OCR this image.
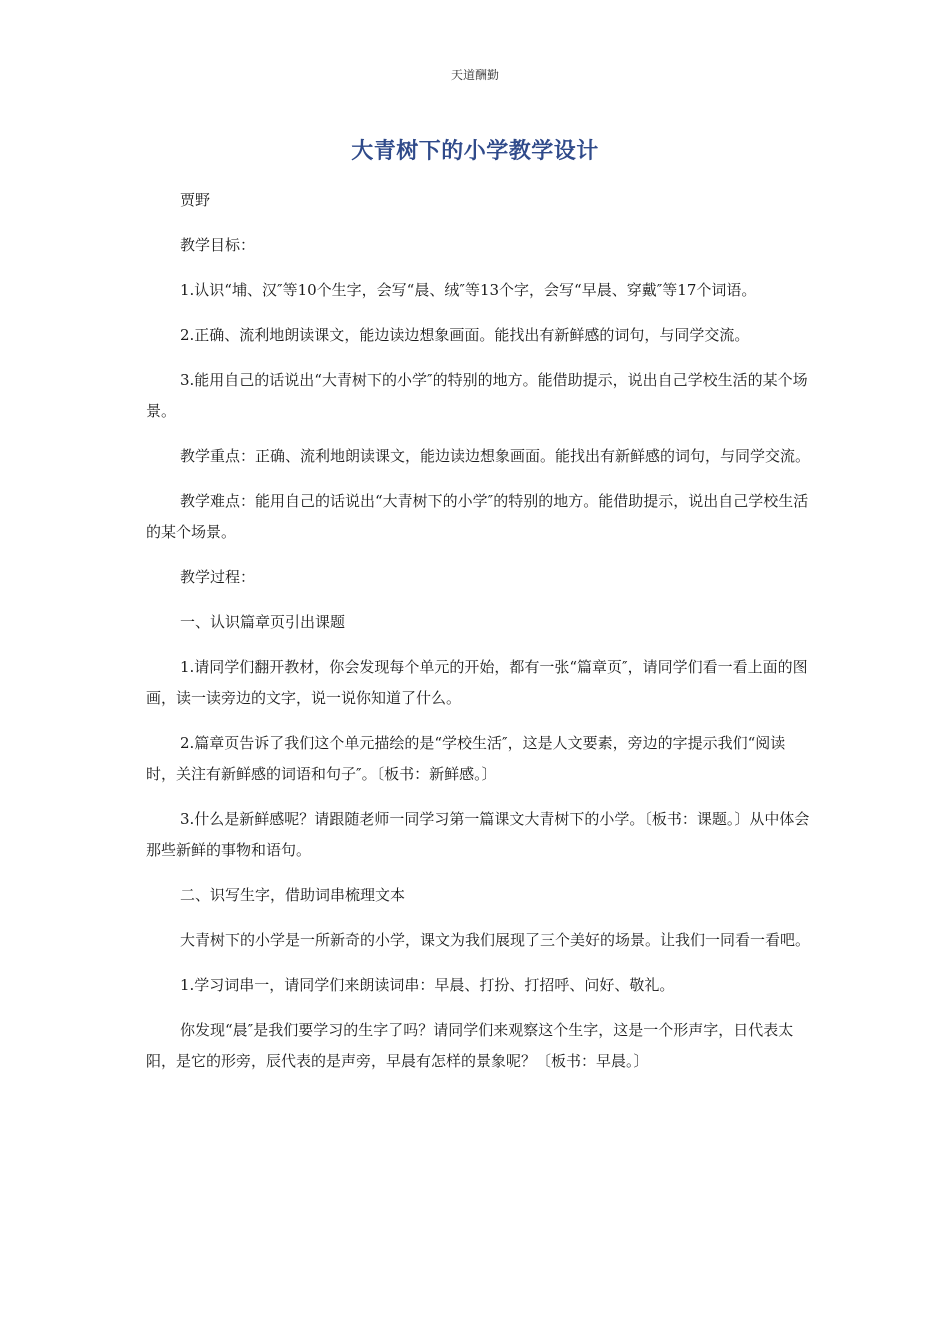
天道酬勤
大青树下的小学教学设计

贾野

教学目标：

1.认识“埔、汉″等10个生字，会写“晨、绒″等13个字，会写“早晨、穿戴″等17个词语。

2.正确、流利地朗读课文，能边读边想象画面。能找出有新鲜感的词句，与同学交流。

3.能用自己的话说出“大青树下的小学″的特别的地方。能借助提示，说出自己学校生活的某个场景。

教学重点：正确、流利地朗读课文，能边读边想象画面。能找出有新鲜感的词句，与同学交流。

教学难点：能用自己的话说出“大青树下的小学″的特别的地方。能借助提示，说出自己学校生活的某个场景。

教学过程：

一、认识篇章页引出课题

1.请同学们翻开教材，你会发现每个单元的开始，都有一张“篇章页″，请同学们看一看上面的图画，读一读旁边的文字，说一说你知道了什么。

2.篇章页告诉了我们这个单元描绘的是“学校生活″，这是人文要素，旁边的字提示我们“阅读时，关注有新鲜感的词语和句子″。〔板书：新鲜感。〕

3.什么是新鲜感呢？请跟随老师一同学习第一篇课文大青树下的小学。〔板书：课题。〕从中体会那些新鲜的事物和语句。

二、识写生字，借助词串梳理文本

大青树下的小学是一所新奇的小学，课文为我们展现了三个美好的场景。让我们一同看一看吧。

1.学习词串一，请同学们来朗读词串：早晨、打扮、打招呼、问好、敬礼。

你发现“晨″是我们要学习的生字了吗？请同学们来观察这个生字，这是一个形声字，日代表太阳，是它的形旁，辰代表的是声旁，早晨有怎样的景象呢？〔板书：早晨。〕
